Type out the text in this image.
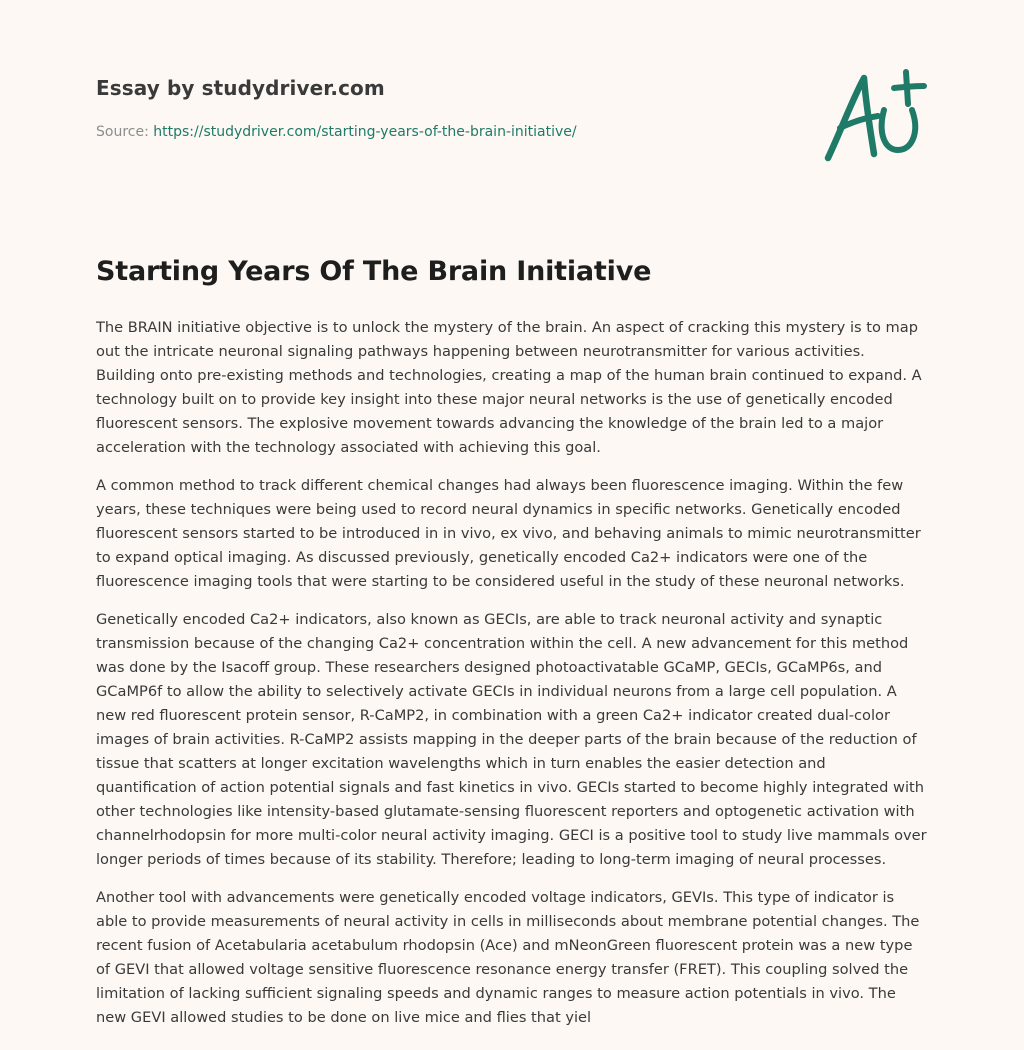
Essay by studydriver.com
Source: https://studydriver.com/starting-years-of-the-brain-initiative/
Starting Years Of The Brain Initiative

The BRAIN initiative objective is to unlock the mystery of the brain. An aspect of cracking this mystery is to map out the intricate neuronal signaling pathways happening between neurotransmitter for various activities. Building onto pre-existing methods and technologies, creating a map of the human brain continued to expand. A technology built on to provide key insight into these major neural networks is the use of genetically encoded fluorescent sensors. The explosive movement towards advancing the knowledge of the brain led to a major acceleration with the technology associated with achieving this goal.

A common method to track different chemical changes had always been fluorescence imaging. Within the few years, these techniques were being used to record neural dynamics in specific networks. Genetically encoded fluorescent sensors started to be introduced in in vivo, ex vivo, and behaving animals to mimic neurotransmitter to expand optical imaging. As discussed previously, genetically encoded Ca2+ indicators were one of the fluorescence imaging tools that were starting to be considered useful in the study of these neuronal networks.

Genetically encoded Ca2+ indicators, also known as GECIs, are able to track neuronal activity and synaptic transmission because of the changing Ca2+ concentration within the cell. A new advancement for this method was done by the Isacoff group. These researchers designed photoactivatable GCaMP, GECIs, GCaMP6s, and GCaMP6f to allow the ability to selectively activate GECIs in individual neurons from a large cell population. A new red fluorescent protein sensor, R-CaMP2, in combination with a green Ca2+ indicator created dual-color images of brain activities. R-CaMP2 assists mapping in the deeper parts of the brain because of the reduction of tissue that scatters at longer excitation wavelengths which in turn enables the easier detection and quantification of action potential signals and fast kinetics in vivo. GECIs started to become highly integrated with other technologies like intensity-based glutamate-sensing fluorescent reporters and optogenetic activation with channelrhodopsin for more multi-color neural activity imaging. GECI is a positive tool to study live mammals over longer periods of times because of its stability. Therefore; leading to long-term imaging of neural processes.

Another tool with advancements were genetically encoded voltage indicators, GEVIs. This type of indicator is able to provide measurements of neural activity in cells in milliseconds about membrane potential changes. The recent fusion of Acetabularia acetabulum rhodopsin (Ace) and mNeonGreen fluorescent protein was a new type of GEVI that allowed voltage sensitive fluorescence resonance energy transfer (FRET). This coupling solved the limitation of lacking sufficient signaling speeds and dynamic ranges to measure action potentials in vivo. The new GEVI allowed studies to be done on live mice and flies that yiel
